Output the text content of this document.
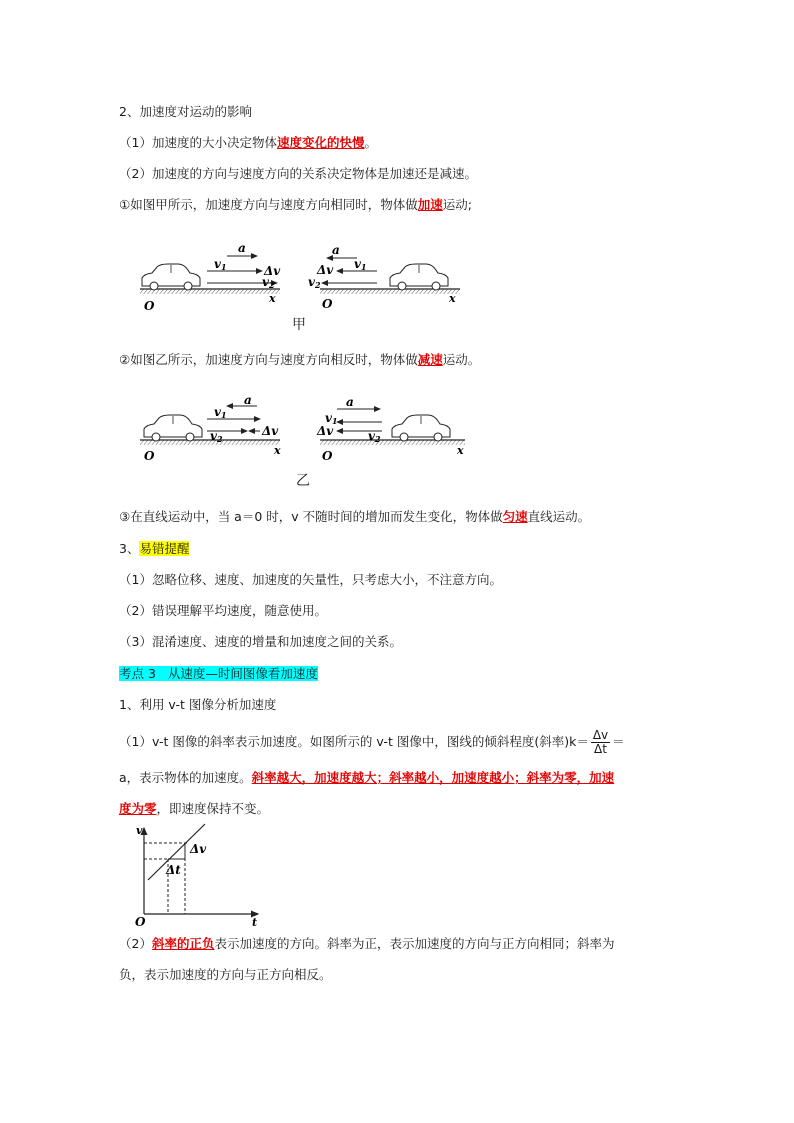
2、加速度对运动的影响
（1）加速度的大小决定物体速度变化的快慢。
（2）加速度的方向与速度方向的关系决定物体是加速还是减速。
①如图甲所示，加速度方向与速度方向相同时，物体做加速运动;
a
v1	Δv
v2
O
x
a
Δv v1
v2
O	x
甲
②如图乙所示，加速度方向与速度方向相反时，物体做减速运动。
a
v1
v2
Δv
O	x
a
v1
Δv	v2
O	x
乙
③在直线运动中，当 a＝0 时，v 不随时间的增加而发生变化，物体做匀速直线运动。
3、易错提醒
（1）忽略位移、速度、加速度的矢量性，只考虑大小，不注意方向。
（2）错误理解平均速度，随意使用。
（3）混淆速度、速度的增量和加速度之间的关系。
考点 3   从速度—时间图像看加速度
1、利用 v-t 图像分析加速度
（1）v-t 图像的斜率表示加速度。如图所示的 v-t 图像中，图线的倾斜程度(斜率)$k= \frac{\Delta v}{\Delta t}$ ＝
a，表示物体的加速度。斜率越大，加速度越大；斜率越小，加速度越小；斜率为零，加速
度为零，即速度保持不变。
v
t
O
Δv
Δt
（2）斜率的正负表示加速度的方向。斜率为正，表示加速度的方向与正方向相同；斜率为
负，表示加速度的方向与正方向相反。
